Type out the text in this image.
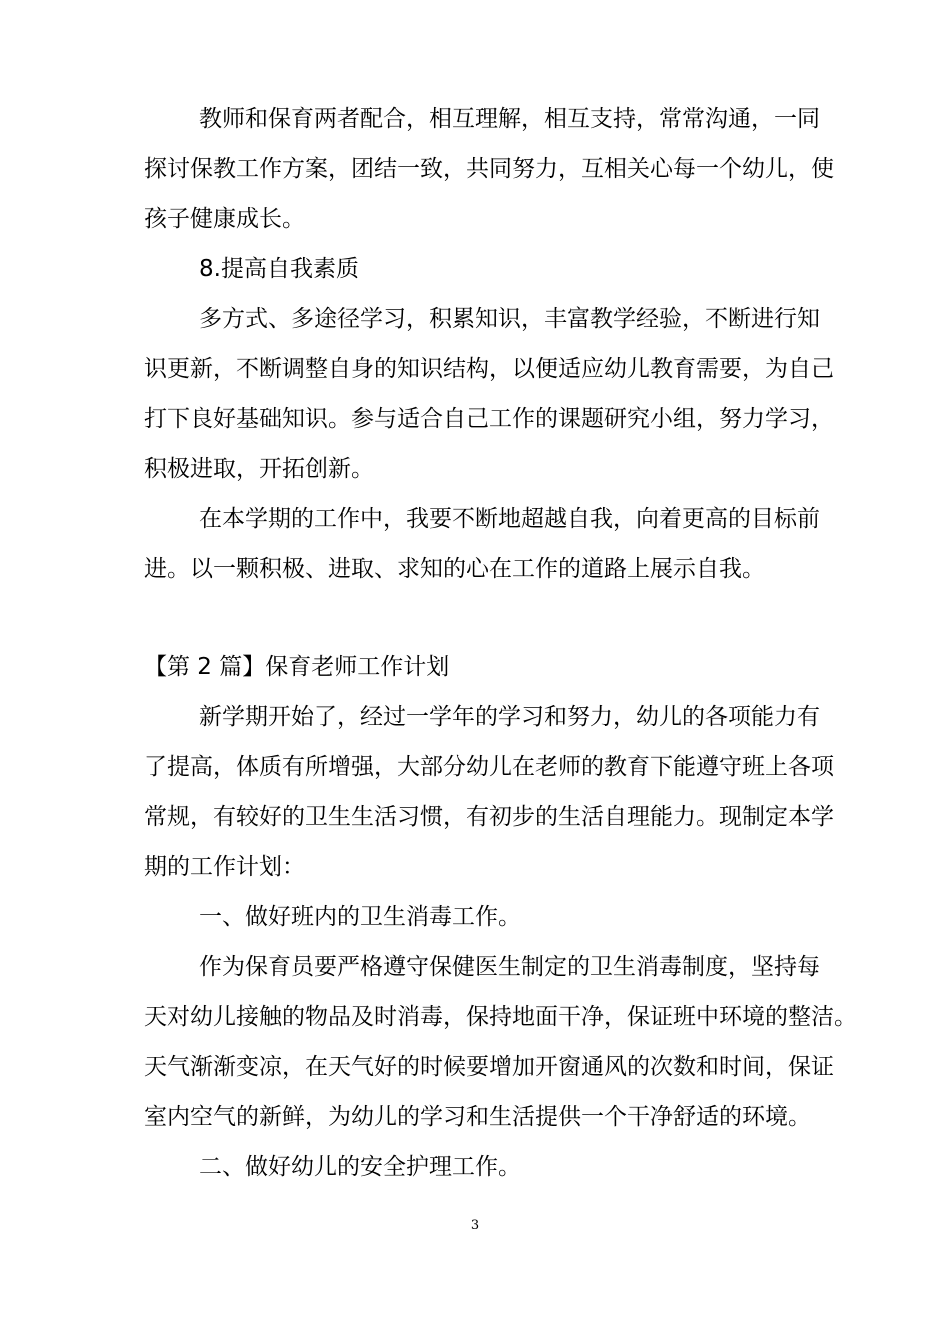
教师和保育两者配合，相互理解，相互支持，常常沟通，一同
探讨保教工作方案，团结一致，共同努力，互相关心每一个幼儿，使
孩子健康成长。
8.提高自我素质
多方式、多途径学习，积累知识，丰富教学经验，不断进行知
识更新，不断调整自身的知识结构，以便适应幼儿教育需要，为自己
打下良好基础知识。参与适合自己工作的课题研究小组，努力学习，
积极进取，开拓创新。
在本学期的工作中，我要不断地超越自我，向着更高的目标前
进。以一颗积极、进取、求知的心在工作的道路上展示自我。
【第 2 篇】保育老师工作计划
新学期开始了，经过一学年的学习和努力，幼儿的各项能力有
了提高，体质有所增强，大部分幼儿在老师的教育下能遵守班上各项
常规，有较好的卫生生活习惯，有初步的生活自理能力。现制定本学
期的工作计划：
一、做好班内的卫生消毒工作。
作为保育员要严格遵守保健医生制定的卫生消毒制度，坚持每
天对幼儿接触的物品及时消毒，保持地面干净，保证班中环境的整洁。
天气渐渐变凉，在天气好的时候要增加开窗通风的次数和时间，保证
室内空气的新鲜，为幼儿的学习和生活提供一个干净舒适的环境。
二、做好幼儿的安全护理工作。
3
